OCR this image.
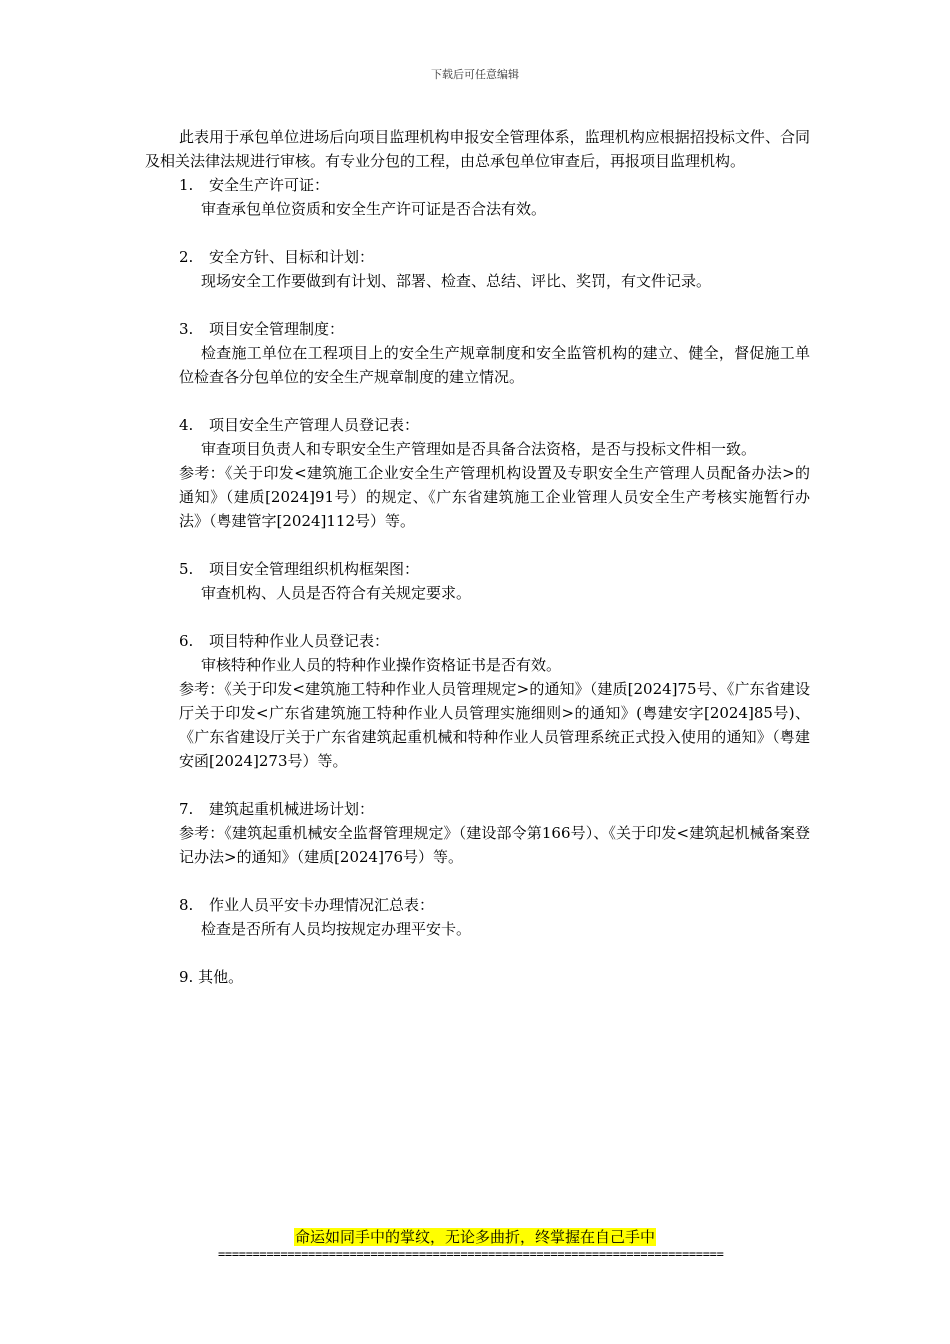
下载后可任意编辑

此表用于承包单位进场后向项目监理机构申报安全管理体系，监理机构应根据招投标文件、合同及相关法律法规进行审核。有专业分包的工程，由总承包单位审查后，再报项目监理机构。

1. 安全生产许可证：

审查承包单位资质和安全生产许可证是否合法有效。

2. 安全方针、目标和计划：

现场安全工作要做到有计划、部署、检查、总结、评比、奖罚，有文件记录。

3. 项目安全管理制度：

检查施工单位在工程项目上的安全生产规章制度和安全监管机构的建立、健全，督促施工单位检查各分包单位的安全生产规章制度的建立情况。

4. 项目安全生产管理人员登记表：

审查项目负责人和专职安全生产管理如是否具备合法资格，是否与投标文件相一致。

参考：《关于印发<建筑施工企业安全生产管理机构设置及专职安全生产管理人员配备办法>的通知》（建质[2024]91号）的规定、《广东省建筑施工企业管理人员安全生产考核实施暂行办法》（粤建管字[2024]112号）等。

5. 项目安全管理组织机构框架图：

审查机构、人员是否符合有关规定要求。

6. 项目特种作业人员登记表：

审核特种作业人员的特种作业操作资格证书是否有效。

参考：《关于印发<建筑施工特种作业人员管理规定>的通知》（建质[2024]75号、《广东省建设厅关于印发<广东省建筑施工特种作业人员管理实施细则>的通知》(粤建安字[2024]85号)、《广东省建设厅关于广东省建筑起重机械和特种作业人员管理系统正式投入使用的通知》（粤建安函[2024]273号）等。

7. 建筑起重机械进场计划：

参考：《建筑起重机械安全监督管理规定》（建设部令第166号）、《关于印发<建筑起机械备案登记办法>的通知》（建质[2024]76号）等。

8. 作业人员平安卡办理情况汇总表：

检查是否所有人员均按规定办理平安卡。

9. 其他。

命运如同手中的掌纹，无论多曲折，终掌握在自己手中
=========================================================================
